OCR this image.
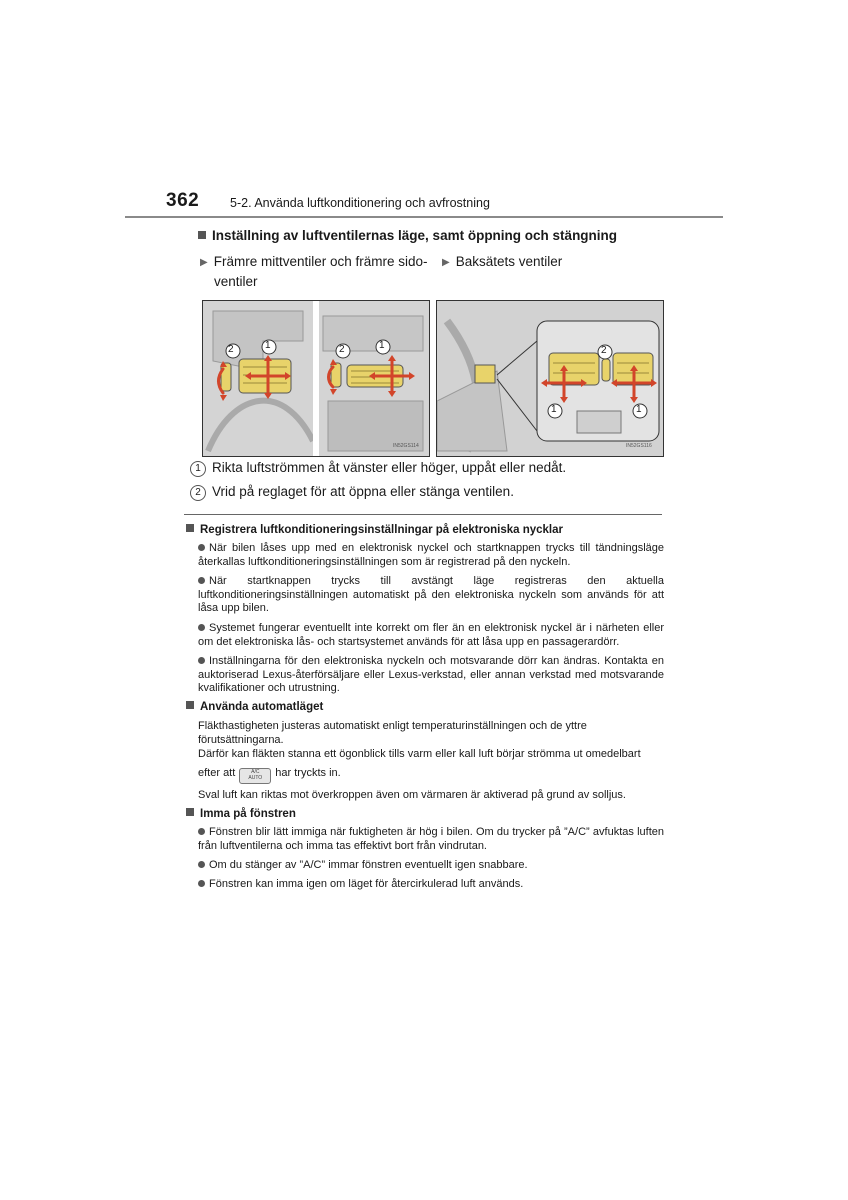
362 5-2. Använda luftkonditionering och avfrostning
Inställning av luftventilernas läge, samt öppning och stängning
▶ Främre mittventiler och främre sido-
ventiler
▶ Baksätets ventiler
2	1	2	1
IN52GS114
2
1	1
IN52GS116
1 Rikta luftströmmen åt vänster eller höger, uppåt eller nedåt.
2 Vrid på reglaget för att öppna eller stänga ventilen.
Registrera luftkonditioneringsinställningar på elektroniska nycklar
När bilen låses upp med en elektronisk nyckel och startknappen trycks till tändningsläge återkallas luftkonditioneringsinställningen som är registrerad på den nyckeln.
När startknappen trycks till avstängt läge registreras den aktuella luftkonditioneringsinställningen automatiskt på den elektroniska nyckeln som används för att låsa upp bilen.
Systemet fungerar eventuellt inte korrekt om fler än en elektronisk nyckel är i närheten eller om det elektroniska lås- och startsystemet används för att låsa upp en passagerardörr.
Inställningarna för den elektroniska nyckeln och motsvarande dörr kan ändras. Kontakta en auktoriserad Lexus-återförsäljare eller Lexus-verkstad, eller annan verkstad med motsvarande kvalifikationer och utrustning.
Använda automatläget
Fläkthastigheten justeras automatiskt enligt temperaturinställningen och de yttre förutsättningarna.
Därför kan fläkten stanna ett ögonblick tills varm eller kall luft börjar strömma ut omedelbart
efter att	A/C
AUTO har tryckts in.
Sval luft kan riktas mot överkroppen även om värmaren är aktiverad på grund av solljus.
Imma på fönstren
Fönstren blir lätt immiga när fuktigheten är hög i bilen. Om du trycker på ”A/C” avfuktas luften från luftventilerna och imma tas effektivt bort från vindrutan.
Om du stänger av ”A/C” immar fönstren eventuellt igen snabbare.
Fönstren kan imma igen om läget för återcirkulerad luft används.
